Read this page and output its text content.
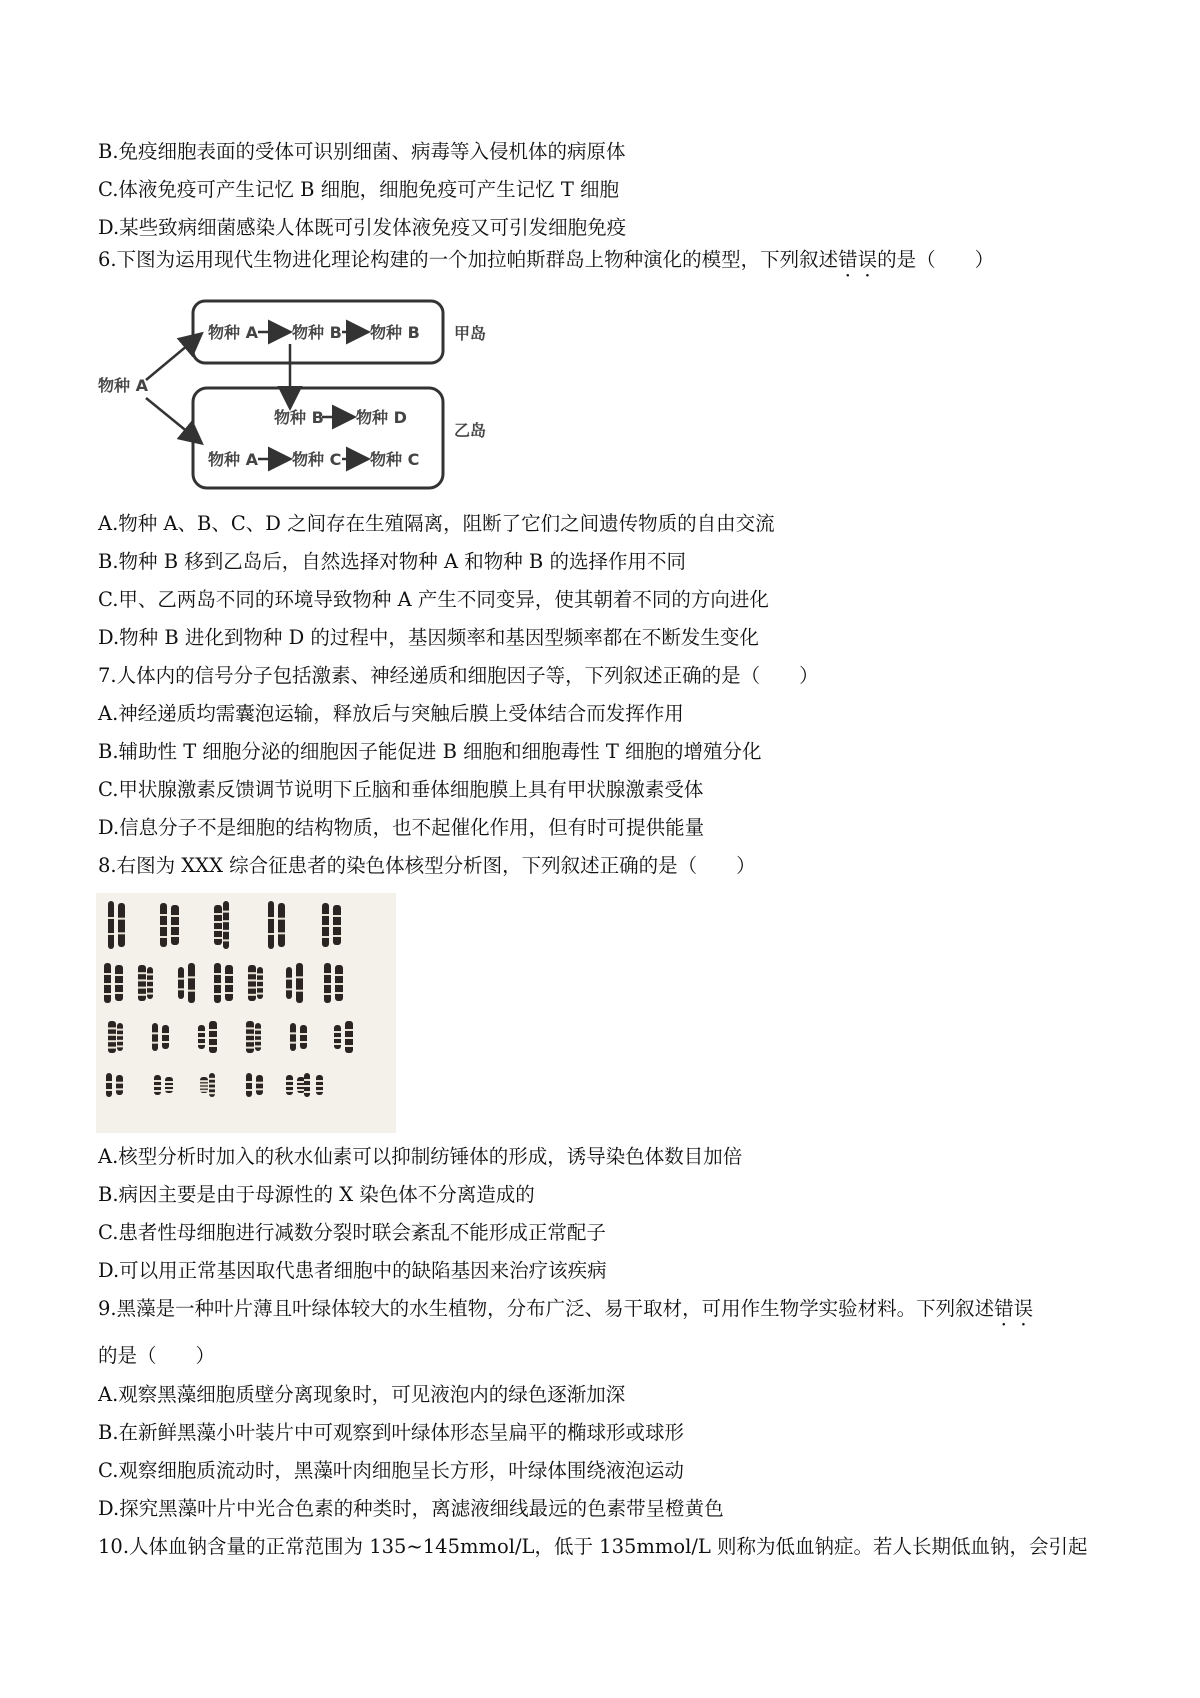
B.免疫细胞表面的受体可识别细菌、病毒等入侵机体的病原体
C.体液免疫可产生记忆 B 细胞，细胞免疫可产生记忆 T 细胞
D.某些致病细菌感染人体既可引发体液免疫又可引发细胞免疫
6.下图为运用现代生物进化理论构建的一个加拉帕斯群岛上物种演化的模型，下列叙述错误的是（　　）
物种 A
物种 A 物种 B 物种 B 甲岛
物种 B 物种 D
乙岛
物种 A 物种 C 物种 C
A.物种 A、B、C、D 之间存在生殖隔离，阻断了它们之间遗传物质的自由交流
B.物种 B 移到乙岛后，自然选择对物种 A 和物种 B 的选择作用不同
C.甲、乙两岛不同的环境导致物种 A 产生不同变异，使其朝着不同的方向进化
D.物种 B 进化到物种 D 的过程中，基因频率和基因型频率都在不断发生变化
7.人体内的信号分子包括激素、神经递质和细胞因子等，下列叙述正确的是（　　）
A.神经递质均需囊泡运输，释放后与突触后膜上受体结合而发挥作用
B.辅助性 T 细胞分泌的细胞因子能促进 B 细胞和细胞毒性 T 细胞的增殖分化
C.甲状腺激素反馈调节说明下丘脑和垂体细胞膜上具有甲状腺激素受体
D.信息分子不是细胞的结构物质，也不起催化作用，但有时可提供能量
8.右图为 XXX 综合征患者的染色体核型分析图，下列叙述正确的是（　　）
A.核型分析时加入的秋水仙素可以抑制纺锤体的形成，诱导染色体数目加倍
B.病因主要是由于母源性的 X 染色体不分离造成的
C.患者性母细胞进行减数分裂时联会紊乱不能形成正常配子
D.可以用正常基因取代患者细胞中的缺陷基因来治疗该疾病
9.黑藻是一种叶片薄且叶绿体较大的水生植物，分布广泛、易干取材，可用作生物学实验材料。下列叙述错误
的是（　　）
A.观察黑藻细胞质壁分离现象时，可见液泡内的绿色逐渐加深
B.在新鲜黑藻小叶装片中可观察到叶绿体形态呈扁平的椭球形或球形
C.观察细胞质流动时，黑藻叶肉细胞呈长方形，叶绿体围绕液泡运动
D.探究黑藻叶片中光合色素的种类时，离滤液细线最远的色素带呈橙黄色
10.人体血钠含量的正常范围为 135~145mmol/L，低于 135mmol/L 则称为低血钠症。若人长期低血钠，会引起
